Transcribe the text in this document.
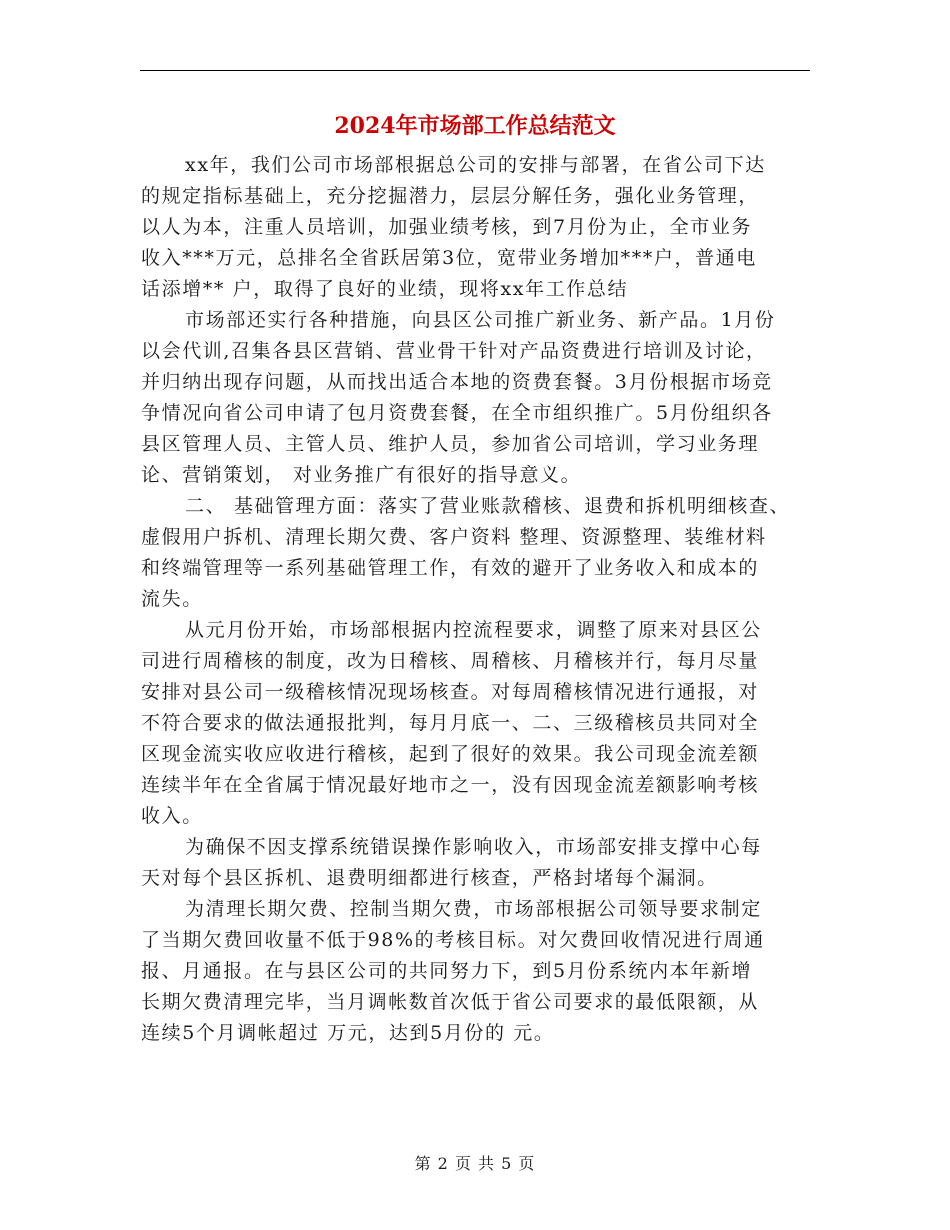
2024年市场部工作总结范文

xx年，我们公司市场部根据总公司的安排与部署，在省公司下达
的规定指标基础上，充分挖掘潜力，层层分解任务，强化业务管理，
以人为本，注重人员培训，加强业绩考核，到7月份为止，全市业务
收入***万元，总排名全省跃居第3位，宽带业务增加***户，普通电
话添增** 户，取得了良好的业绩，现将xx年工作总结

市场部还实行各种措施，向县区公司推广新业务、新产品。1月份
以会代训,召集各县区营销、营业骨干针对产品资费进行培训及讨论，
并归纳出现存问题，从而找出适合本地的资费套餐。3月份根据市场竞
争情况向省公司申请了包月资费套餐，在全市组织推广。5月份组织各
县区管理人员、主管人员、维护人员，参加省公司培训，学习业务理
论、营销策划， 对业务推广有很好的指导意义。

二、 基础管理方面：落实了营业账款稽核、退费和拆机明细核查、
虚假用户拆机、清理长期欠费、客户资料 整理、资源整理、装维材料
和终端管理等一系列基础管理工作，有效的避开了业务收入和成本的
流失。

从元月份开始，市场部根据内控流程要求，调整了原来对县区公
司进行周稽核的制度，改为日稽核、周稽核、月稽核并行，每月尽量
安排对县公司一级稽核情况现场核查。对每周稽核情况进行通报，对
不符合要求的做法通报批判，每月月底一、二、三级稽核员共同对全
区现金流实收应收进行稽核，起到了很好的效果。我公司现金流差额
连续半年在全省属于情况最好地市之一，没有因现金流差额影响考核
收入。

为确保不因支撑系统错误操作影响收入，市场部安排支撑中心每
天对每个县区拆机、退费明细都进行核查，严格封堵每个漏洞。

为清理长期欠费、控制当期欠费，市场部根据公司领导要求制定
了当期欠费回收量不低于98%的考核目标。对欠费回收情况进行周通
报、月通报。在与县区公司的共同努力下，到5月份系统内本年新增
长期欠费清理完毕，当月调帐数首次低于省公司要求的最低限额，从
连续5个月调帐超过 万元，达到5月份的 元。

第 2 页 共 5 页
